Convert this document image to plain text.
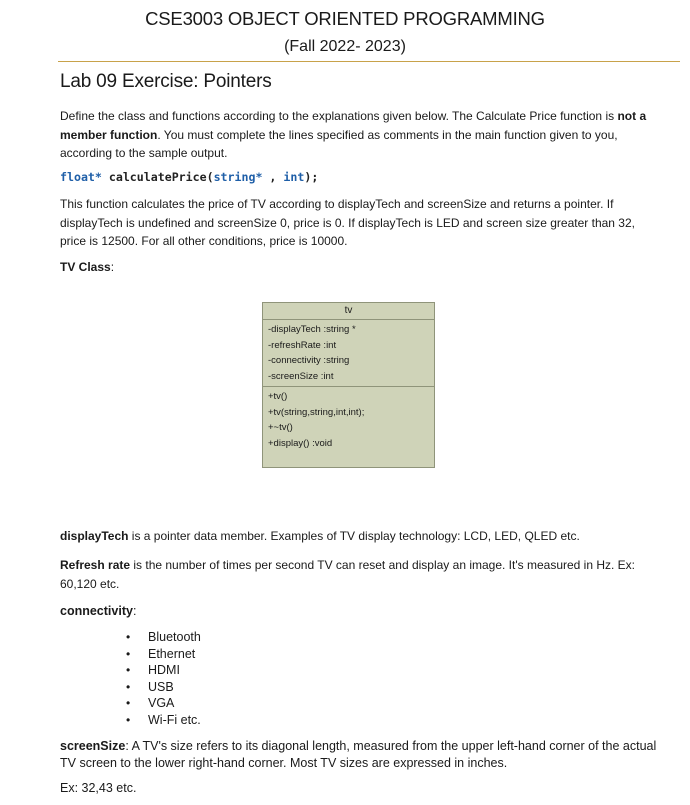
CSE3003 OBJECT ORIENTED PROGRAMMING
(Fall 2022- 2023)
Lab 09 Exercise: Pointers
Define the class and functions according to the explanations given below. The Calculate Price function is not a member function. You must complete the lines specified as comments in the main function given to you, according to the sample output.
float* calculatePrice(string* , int);
This function calculates the price of TV according to displayTech and screenSize and returns a pointer. If displayTech is undefined and screenSize 0, price is 0. If displayTech is LED and screen size greater than 32, price is 12500. For all other conditions, price is 10000.
TV Class:
tv
-displayTech :string *
-refreshRate :int
-connectivity :string
-screenSize :int
+tv()
+tv(string,string,int,int);
+~tv()
+display() :void
displayTech is a pointer data member. Examples of TV display technology: LCD, LED, QLED etc.
Refresh rate is the number of times per second TV can reset and display an image. It's measured in Hz. Ex: 60,120 etc.
connectivity:
• Bluetooth
• Ethernet
• HDMI
• USB
• VGA
• Wi-Fi etc.
screenSize: A TV's size refers to its diagonal length, measured from the upper left-hand corner of the actual TV screen to the lower right-hand corner. Most TV sizes are expressed in inches.
Ex: 32,43 etc.
